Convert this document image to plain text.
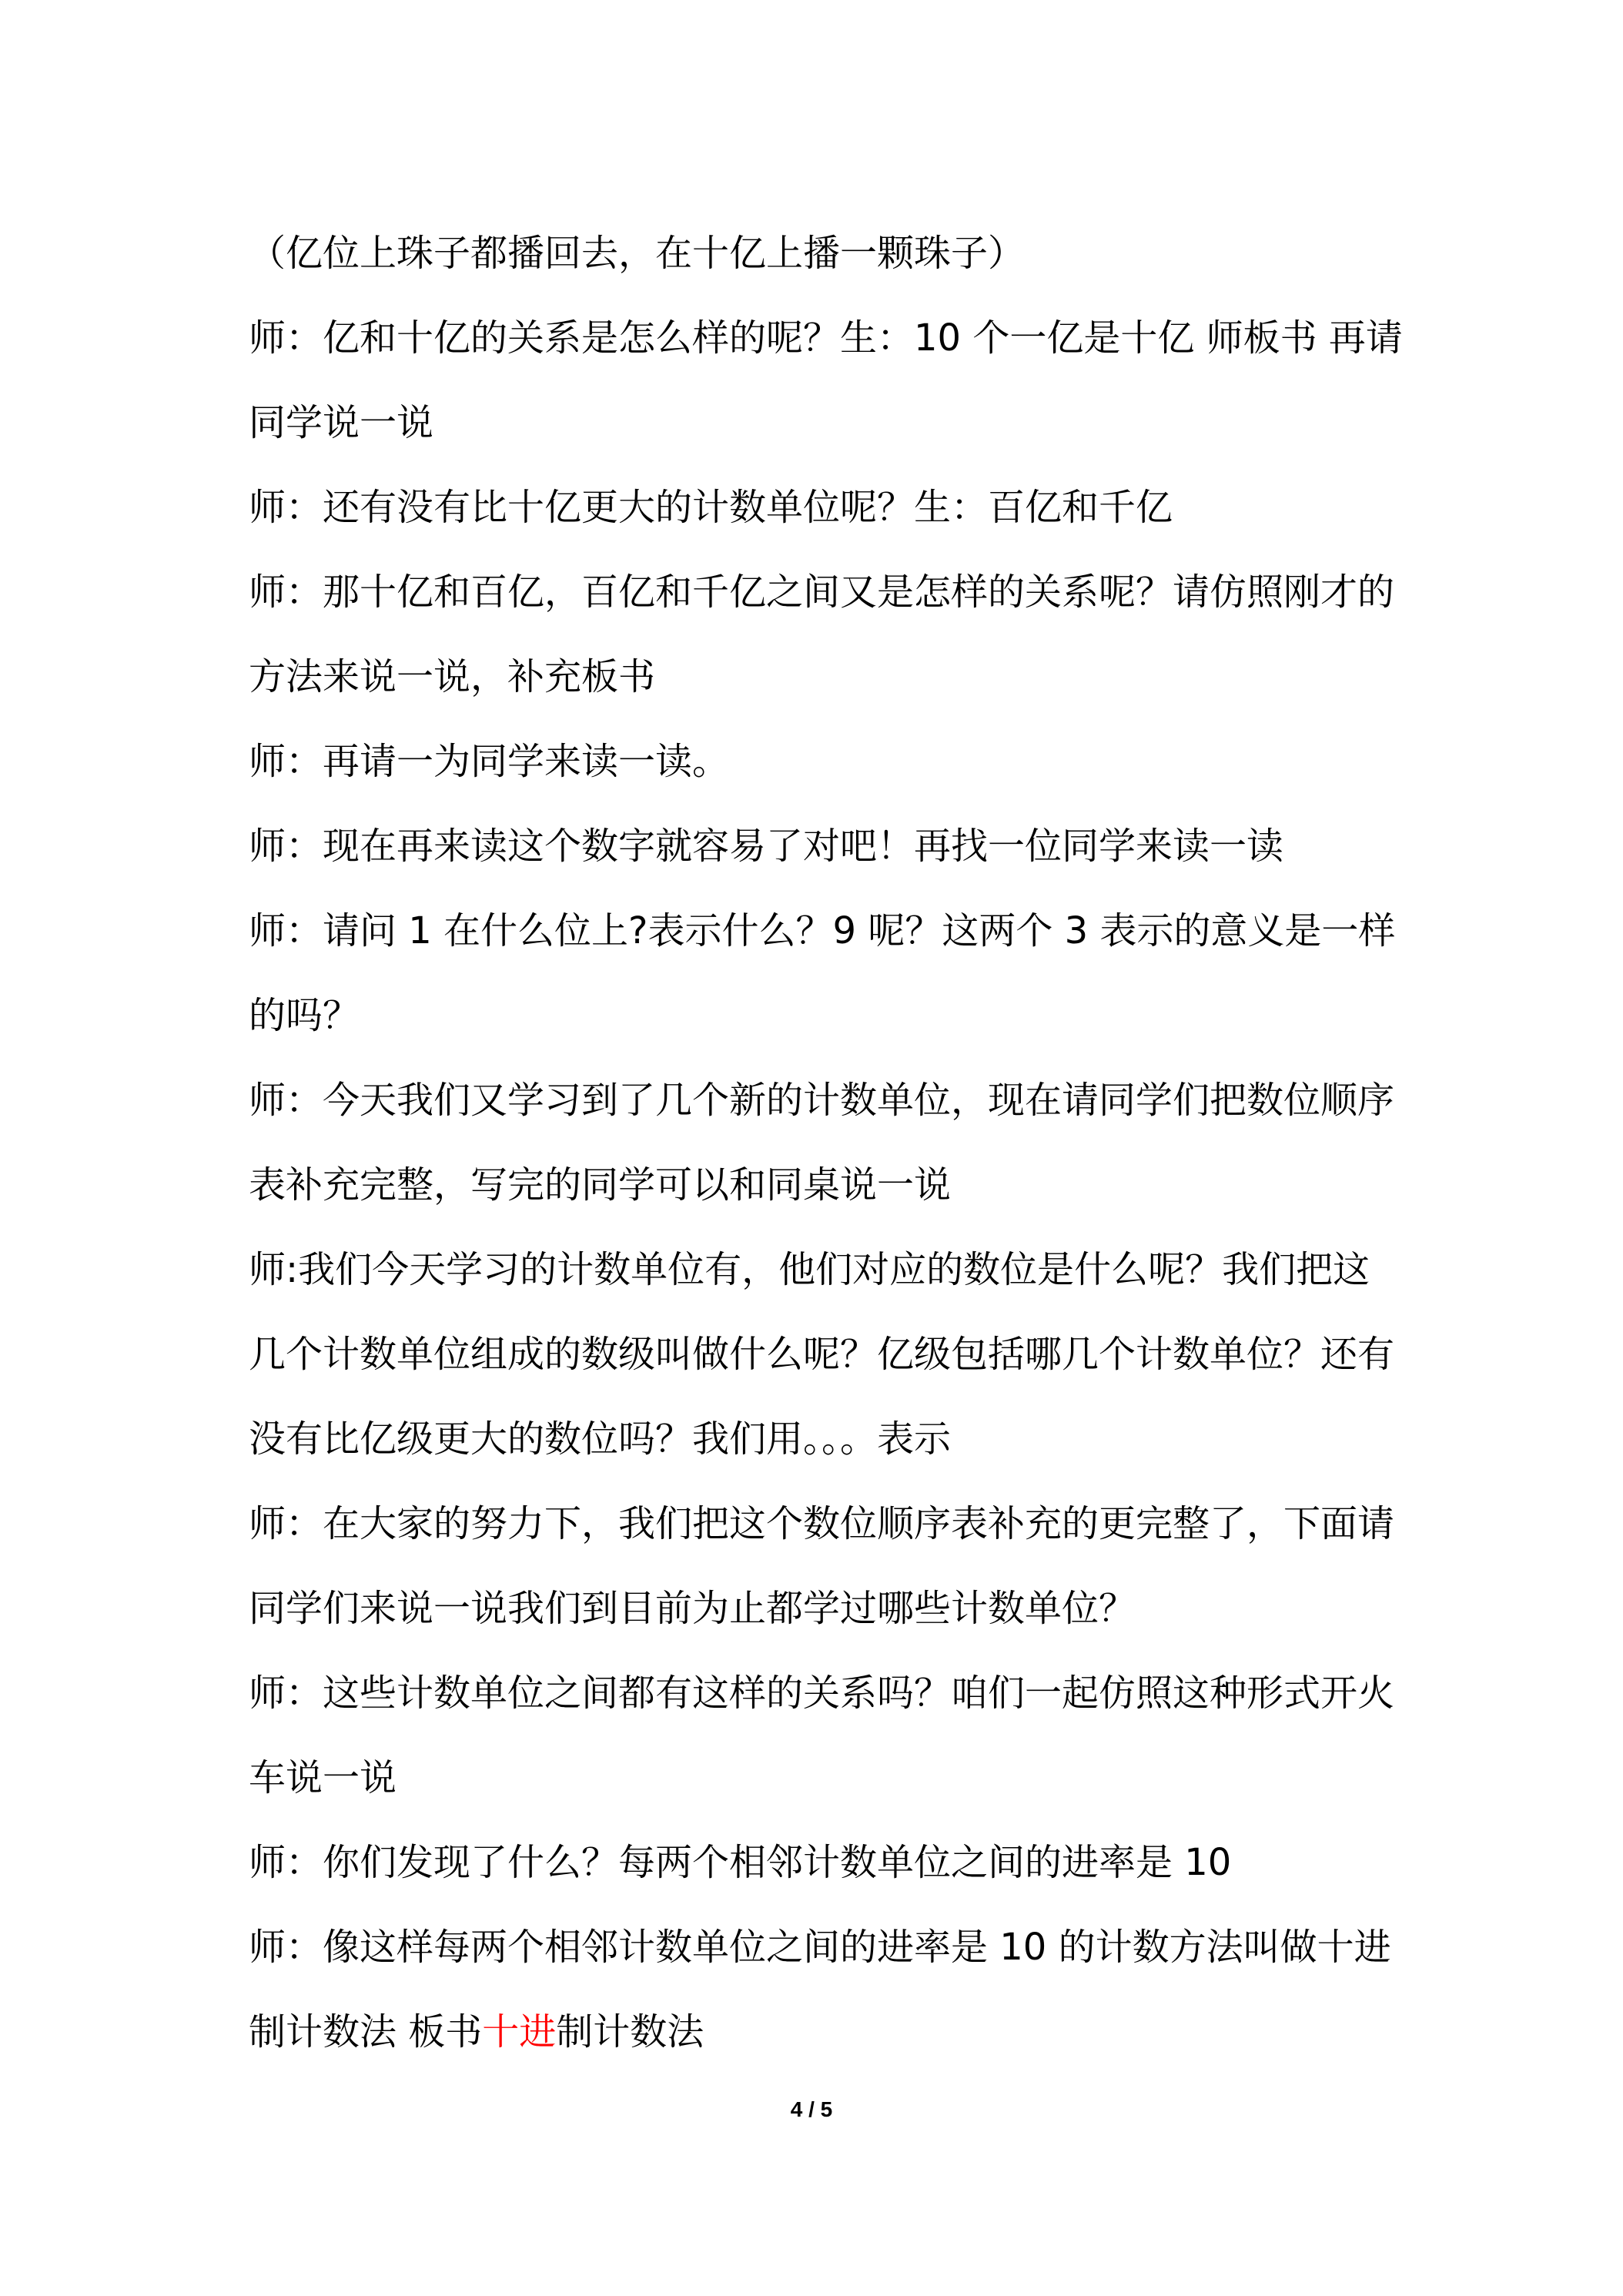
（亿位上珠子都播回去，在十亿上播一颗珠子）

师：亿和十亿的关系是怎么样的呢？生：10 个一亿是十亿 师板书 再请同学说一说

师：还有没有比十亿更大的计数单位呢？生：百亿和千亿

师：那十亿和百亿，百亿和千亿之间又是怎样的关系呢？请仿照刚才的方法来说一说，补充板书

师：再请一为同学来读一读。

师：现在再来读这个数字就容易了对吧！再找一位同学来读一读

师：请问 1 在什么位上?表示什么？9 呢？这两个 3 表示的意义是一样的吗？

师：今天我们又学习到了几个新的计数单位，现在请同学们把数位顺序表补充完整，写完的同学可以和同桌说一说

师:我们今天学习的计数单位有，他们对应的数位是什么呢？我们把这几个计数单位组成的数级叫做什么呢？亿级包括哪几个计数单位？还有没有比亿级更大的数位吗？我们用。。。表示

师：在大家的努力下，我们把这个数位顺序表补充的更完整了，下面请同学们来说一说我们到目前为止都学过哪些计数单位？

师：这些计数单位之间都有这样的关系吗？咱们一起仿照这种形式开火车说一说

师：你们发现了什么？每两个相邻计数单位之间的进率是 10

师：像这样每两个相邻计数单位之间的进率是 10 的计数方法叫做十进制计数法 板书十进制计数法

4 / 5
